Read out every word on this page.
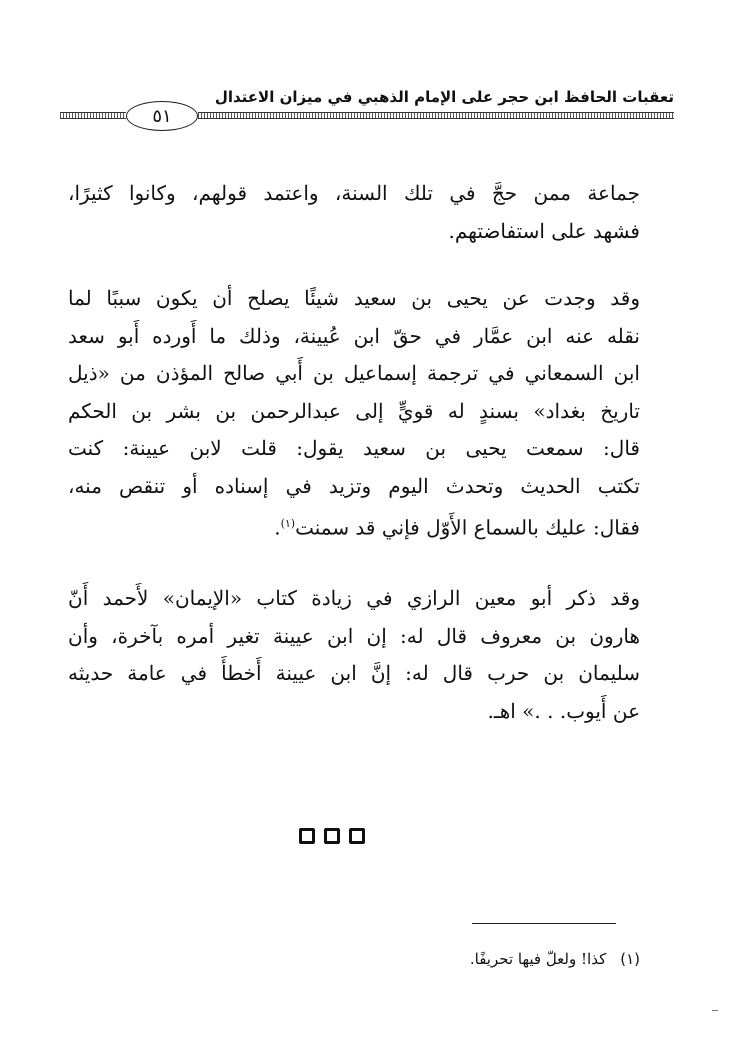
تعقبات الحافظ ابن حجر على الإمام الذهبي في ميزان الاعتدال
٥١
جماعة ممن حجَّ في تلك السنة، واعتمد قولهم، وكانوا كثيرًا،
فشهد على استفاضتهم.
وقد وجدت عن يحيى بن سعيد شيئًا يصلح أن يكون سببًا لما
نقله عنه ابن عمَّار في حقّ ابن عُيينة، وذلك ما أَورده أَبو سعد
ابن السمعاني في ترجمة إسماعيل بن أَبي صالح المؤذن من «ذيل
تاريخ بغداد» بسندٍ له قويٍّ إلى عبدالرحمن بن بشر بن الحكم
قال: سمعت يحيى بن سعيد يقول: قلت لابن عيينة: كنت
تكتب الحديث وتحدث اليوم وتزيد في إسناده أو تنقص منه،
فقال: عليك بالسماع الأَوّل فإني قد سمنت$^{(١)}$.
وقد ذكر أبو معين الرازي في زيادة كتاب «الإيمان» لأَحمد أَنّ
هارون بن معروف قال له: إن ابن عيينة تغير أمره بآخرة، وأن
سليمان بن حرب قال له: إنَّ ابن عيينة أَخطأَ في عامة حديثه
عن أَيوب. . .» اهـ.
(١)كذا! ولعلّ فيها تحريفًا.
